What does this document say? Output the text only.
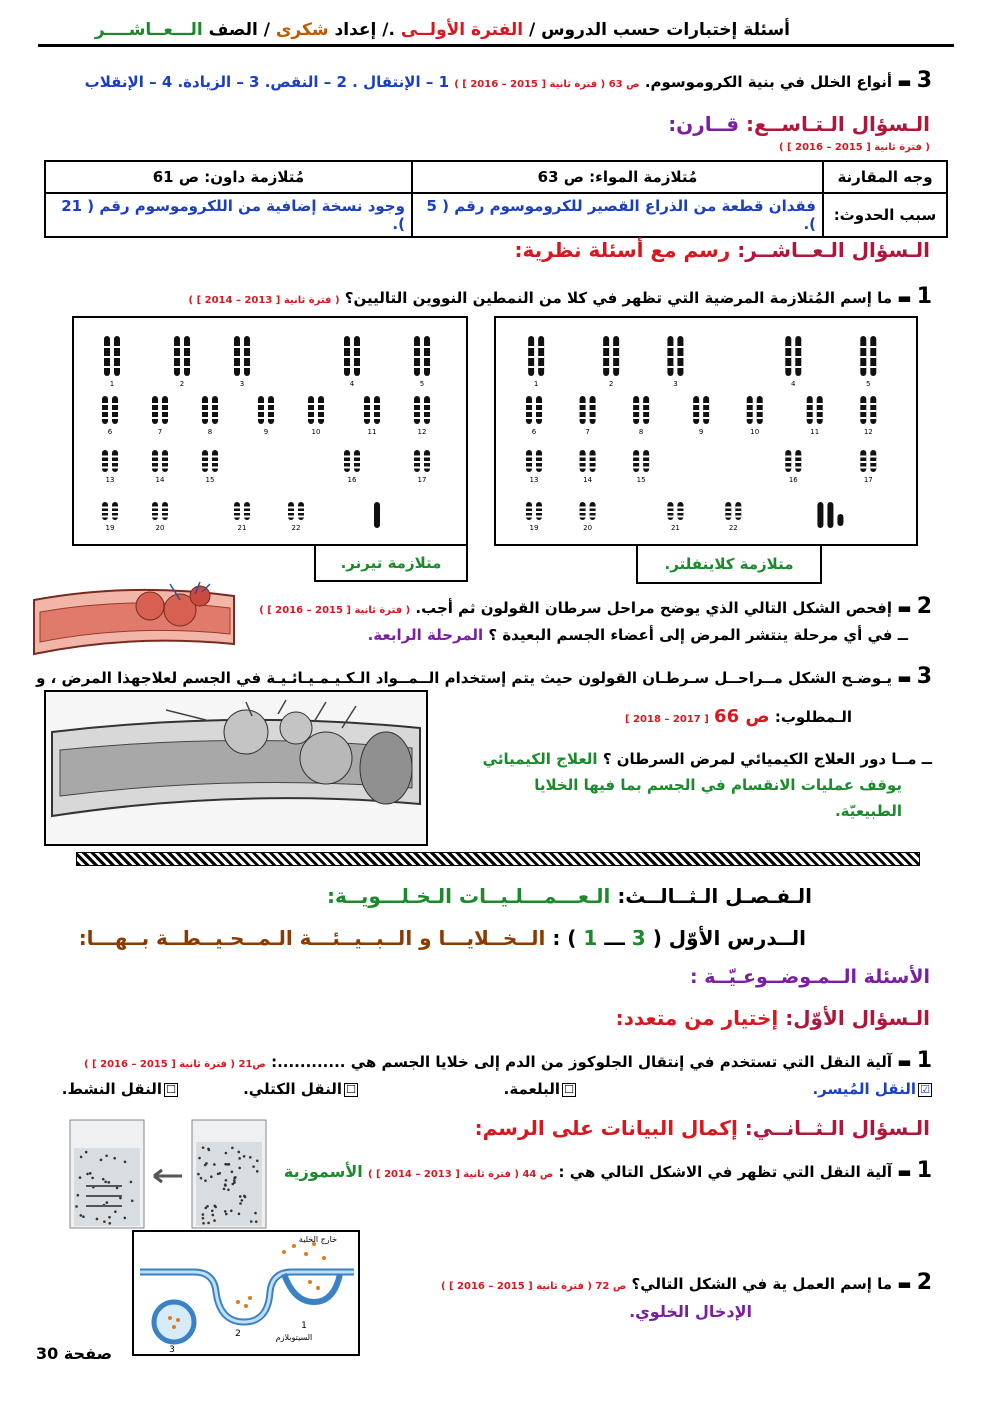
أسئلة إختبارات حسب الدروس / الفترة الأولــى ./ إعداد شكرى / الصف الـــعــاشــــر
3 ▬ أنواع الخلل في بنية الكروموسوم. ص 63 ( فترة ثانية [ 2015 – 2016 ] ) 1 – الإنتقال . 2 – النقص. 3 – الزيادة. 4 – الإنقلاب
الـسؤال الـتـاســع: قــارن:
( فترة ثانية [ 2015 – 2016 ] )
وجه المقارنة	مُتلازمة المواء: ص 63	مُتلازمة داون: ص 61
سبب الحدوث:	فقدان قطعة من الذراع القصير للكروموسوم رقم ( 5 ).	وجود نسخة إضافية من اللكروموسوم رقم ( 21 ).
الـسؤال الـعــاشــر: رسم مع أسئلة نظرية:
1 ▬ ما إسم المُتلازمة المرضية التي تظهر في كلا من النمطين النووين التاليين؟ ( فترة ثانية [ 2013 – 2014 ] )
1	2	3	4	5
6	7	8	9	10	11	12
13	14	15	16	17
19	20	21	22
1	2	3	4	5
6	7	8	9	10	11	12
13	14	15	16	17
19	20	21	22
متلازمة تيرنر.	متلازمة كلاينفلتر.
2 ▬ إفحص الشكل التالي الذي يوضح مراحل سرطان القولون ثم أجب. ( فترة ثانية [ 2015 – 2016 ] )
ــ في أي مرحلة ينتشر المرض إلى أعضاء الجسم البعيدة ؟ المرحلة الرابعة.
3 ▬ يـوضـح الشكل مــراحــل سـرطـان القولون حيث يتم إستخدام الــمــواد الـكـيـمـيـائـيـة في الجسم لعلاجهذا المرض ، و
الـمطلوب: ص 66 [ 2017 – 2018 ]
ــ مــا دور العلاج الكيميائي لمرض السرطان ؟ العلاج الكيميائي
يوقف عمليات الانقسام في الجسم بما فيها الخلايا
الطبيعيّة.
الـفـصـل الـثــالــث: الـعـــمـــلـيــات الـخـلـــويــة:
الــدرس الأوّل ( 3 ـــ 1 ) : الــخــلايـــا و الــبــيــئـــة الـمــحـيــطــة بــهـــا:
الأسئلة الــمـوضــوعـيّــة :
الـسؤال الأوّل: إختيار من متعدد:
1 ▬ آلية النقل التي تستخدم في إنتقال الجلوكوز من الدم إلى خلايا الجسم هي ............: ص21 ( فترة ثانية [ 2015 – 2016 ] )
☐النقل النشط.	☐النقل الكتلي.	☐البلعمة.	☑النقل المُيسر.
الـسؤال الـثــانــي: إكمال البيانات على الرسم:
1 ▬ آلية النقل التي تظهر في الاشكل التالي هي : ص 44 ( فترة ثانية [ 2013 – 2014 ] ) الأسموزية
خارج الخلية
السيتوبلازم
1
2
3
2 ▬ ما إسم العمل ية في الشكل التالي؟ ص 72 ( فترة ثانية [ 2015 – 2016 ] )
الإدخال الخلوي.
صفحة 30
